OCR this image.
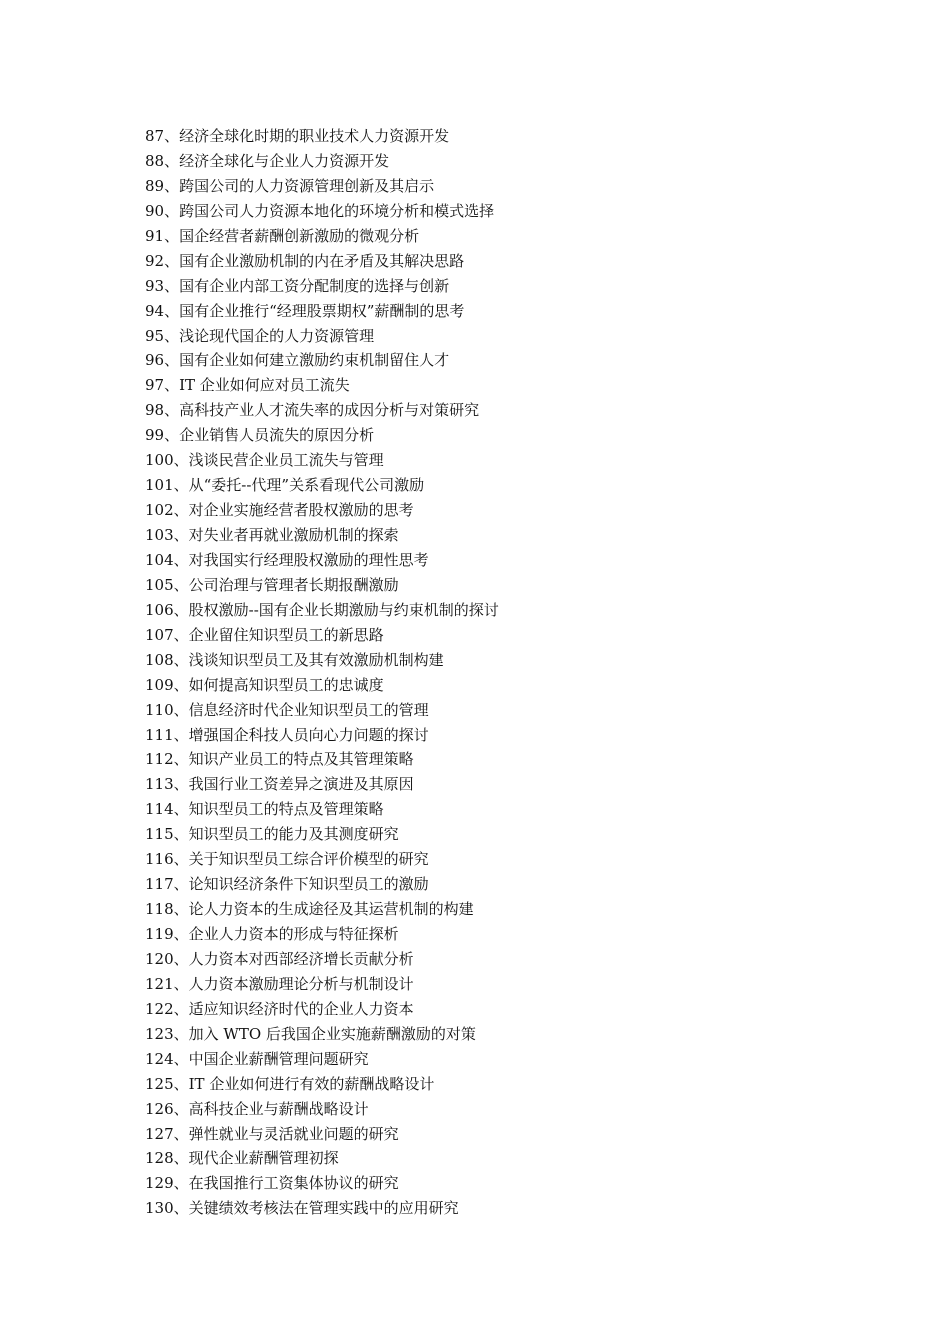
87、经济全球化时期的职业技术人力资源开发
88、经济全球化与企业人力资源开发
89、跨国公司的人力资源管理创新及其启示
90、跨国公司人力资源本地化的环境分析和模式选择
91、国企经营者薪酬创新激励的微观分析
92、国有企业激励机制的内在矛盾及其解决思路
93、国有企业内部工资分配制度的选择与创新
94、国有企业推行“经理股票期权”薪酬制的思考
95、浅论现代国企的人力资源管理
96、国有企业如何建立激励约束机制留住人才
97、IT 企业如何应对员工流失
98、高科技产业人才流失率的成因分析与对策研究
99、企业销售人员流失的原因分析
100、浅谈民营企业员工流失与管理
101、从“委托--代理”关系看现代公司激励
102、对企业实施经营者股权激励的思考
103、对失业者再就业激励机制的探索
104、对我国实行经理股权激励的理性思考
105、公司治理与管理者长期报酬激励
106、股权激励--国有企业长期激励与约束机制的探讨
107、企业留住知识型员工的新思路
108、浅谈知识型员工及其有效激励机制构建
109、如何提高知识型员工的忠诚度
110、信息经济时代企业知识型员工的管理
111、增强国企科技人员向心力问题的探讨
112、知识产业员工的特点及其管理策略
113、我国行业工资差异之演进及其原因
114、知识型员工的特点及管理策略
115、知识型员工的能力及其测度研究
116、关于知识型员工综合评价模型的研究
117、论知识经济条件下知识型员工的激励
118、论人力资本的生成途径及其运营机制的构建
119、企业人力资本的形成与特征探析
120、人力资本对西部经济增长贡献分析
121、人力资本激励理论分析与机制设计
122、适应知识经济时代的企业人力资本
123、加入 WTO 后我国企业实施薪酬激励的对策
124、中国企业薪酬管理问题研究
125、IT 企业如何进行有效的薪酬战略设计
126、高科技企业与薪酬战略设计
127、弹性就业与灵活就业问题的研究
128、现代企业薪酬管理初探
129、在我国推行工资集体协议的研究
130、关键绩效考核法在管理实践中的应用研究
